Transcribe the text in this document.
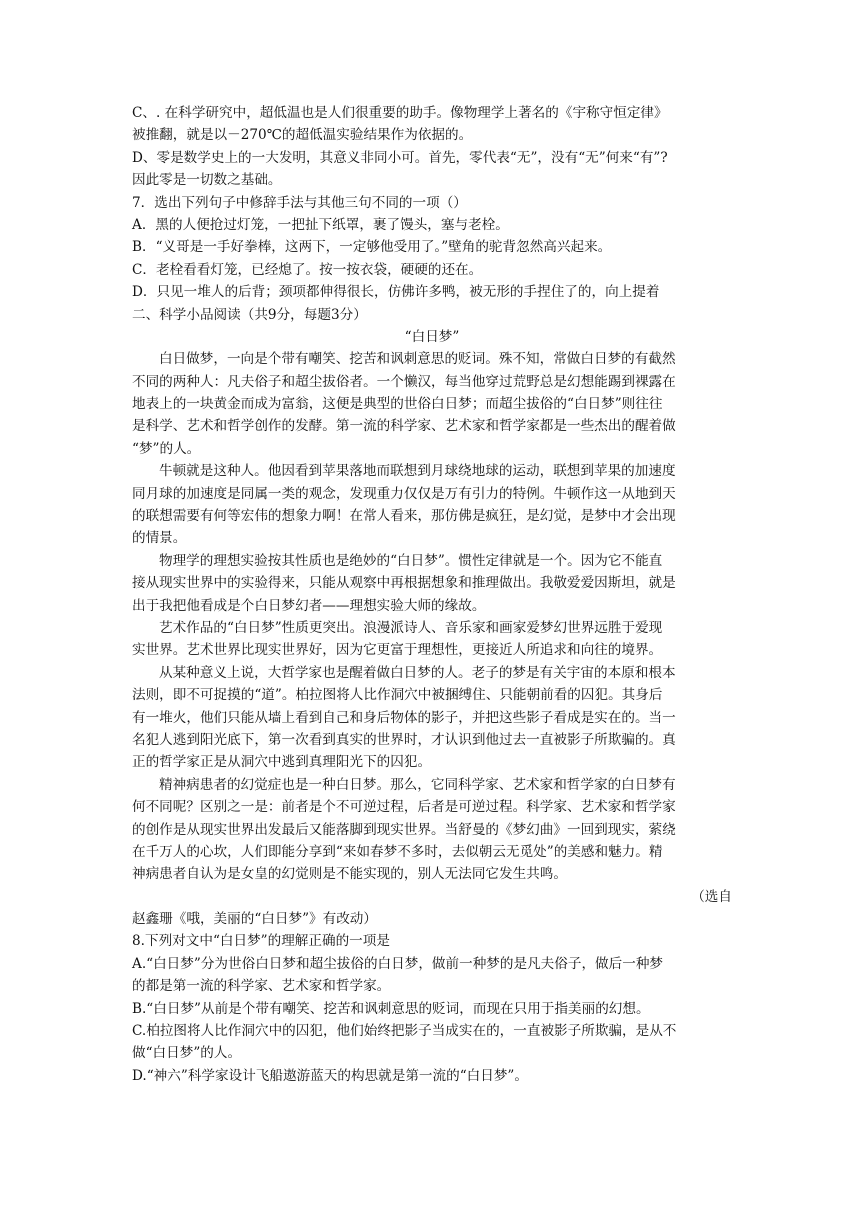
C、. 在科学研究中，超低温也是人们很重要的助手。像物理学上著名的《宇称守恒定律》
被推翻，就是以－270℃的超低温实验结果作为依据的。
D、零是数学史上的一大发明，其意义非同小可。首先，零代表“无”，没有“无”何来“有”?
因此零是一切数之基础。
7．选出下列句子中修辞手法与其他三句不同的一项（）
A．黑的人便抢过灯笼，一把扯下纸罩，裹了馒头，塞与老栓。
B．“义哥是一手好拳棒，这两下，一定够他受用了。”壁角的驼背忽然高兴起来。
C．老栓看看灯笼，已经熄了。按一按衣袋，硬硬的还在。
D．只见一堆人的后背；颈项都伸得很长，仿佛许多鸭，被无形的手捏住了的，向上提着
二、科学小品阅读（共9分，每题3分）
“白日梦”
白日做梦，一向是个带有嘲笑、挖苦和讽刺意思的贬词。殊不知，常做白日梦的有截然
不同的两种人：凡夫俗子和超尘拔俗者。一个懒汉，每当他穿过荒野总是幻想能踢到裸露在
地表上的一块黄金而成为富翁，这便是典型的世俗白日梦；而超尘拔俗的“白日梦”则往往
是科学、艺术和哲学创作的发酵。第一流的科学家、艺术家和哲学家都是一些杰出的醒着做
“梦”的人。
牛顿就是这种人。他因看到苹果落地而联想到月球绕地球的运动，联想到苹果的加速度
同月球的加速度是同属一类的观念，发现重力仅仅是万有引力的特例。牛顿作这一从地到天
的联想需要有何等宏伟的想象力啊！在常人看来，那仿佛是疯狂，是幻觉，是梦中才会出现
的情景。
物理学的理想实验按其性质也是绝妙的“白日梦”。惯性定律就是一个。因为它不能直
接从现实世界中的实验得来，只能从观察中再根据想象和推理做出。我敬爱爱因斯坦，就是
出于我把他看成是个白日梦幻者——理想实验大师的缘故。
艺术作品的“白日梦”性质更突出。浪漫派诗人、音乐家和画家爱梦幻世界远胜于爱现
实世界。艺术世界比现实世界好，因为它更富于理想性，更接近人所追求和向往的境界。
从某种意义上说，大哲学家也是醒着做白日梦的人。老子的梦是有关宇宙的本原和根本
法则，即不可捉摸的“道”。柏拉图将人比作洞穴中被捆缚住、只能朝前看的囚犯。其身后
有一堆火，他们只能从墙上看到自己和身后物体的影子，并把这些影子看成是实在的。当一
名犯人逃到阳光底下，第一次看到真实的世界时，才认识到他过去一直被影子所欺骗的。真
正的哲学家正是从洞穴中逃到真理阳光下的囚犯。
精神病患者的幻觉症也是一种白日梦。那么，它同科学家、艺术家和哲学家的白日梦有
何不同呢？区别之一是：前者是个不可逆过程，后者是可逆过程。科学家、艺术家和哲学家
的创作是从现实世界出发最后又能落脚到现实世界。当舒曼的《梦幻曲》一回到现实，萦绕
在千万人的心坎，人们即能分享到“来如春梦不多时，去似朝云无觅处”的美感和魅力。精
神病患者自认为是女皇的幻觉则是不能实现的，别人无法同它发生共鸣。
（选自
赵鑫珊《哦，美丽的“白日梦”》有改动）
8.下列对文中“白日梦”的理解正确的一项是
A.“白日梦”分为世俗白日梦和超尘拔俗的白日梦，做前一种梦的是凡夫俗子，做后一种梦
的都是第一流的科学家、艺术家和哲学家。
B.“白日梦”从前是个带有嘲笑、挖苦和讽刺意思的贬词，而现在只用于指美丽的幻想。
C.柏拉图将人比作洞穴中的囚犯，他们始终把影子当成实在的，一直被影子所欺骗，是从不
做“白日梦”的人。
D.“神六”科学家设计飞船遨游蓝天的构思就是第一流的“白日梦”。
